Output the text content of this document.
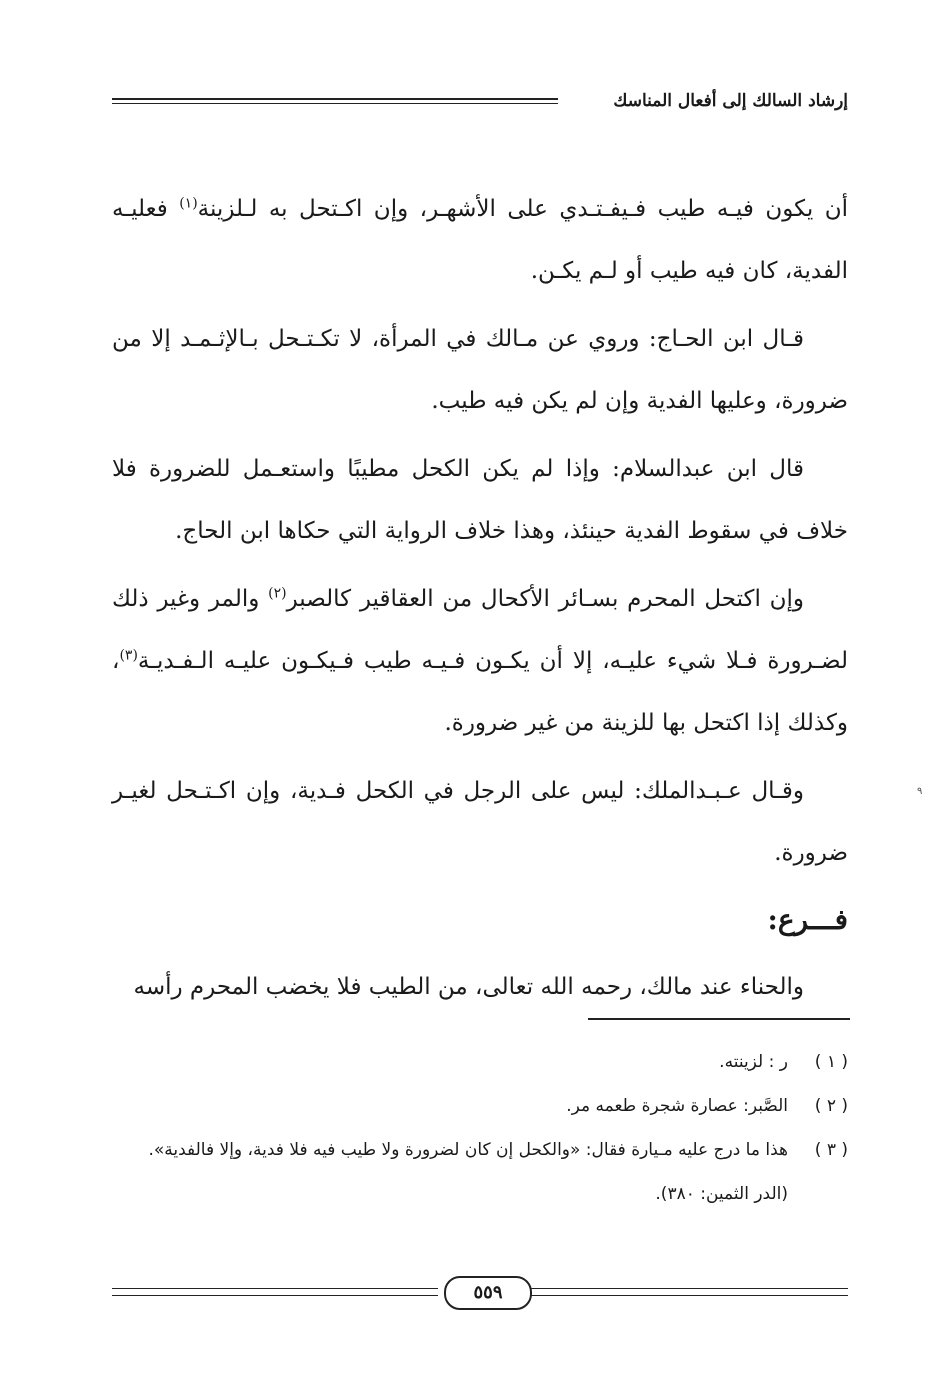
إرشاد السالك إلى أفعال المناسك

أن يكون فيـه طيب فـيفـتـدي على الأشهـر، وإن اكـتحل به لـلزينة$^{(١)}$ فعليـه الفدية، كان فيه طيب أو لـم يكـن.

قـال ابن الحـاج: وروي عن مـالك في المرأة، لا تكـتـحل بـالإثـمـد إلا من ضرورة، وعليها الفدية وإن لم يكن فيه طيب.

قال ابن عبدالسلام: وإذا لم يكن الكحل مطيبًا واستعـمل للضرورة فلا خلاف في سقوط الفدية حينئذ، وهذا خلاف الرواية التي حكاها ابن الحاج.

وإن اكتحل المحرم بسـائر الأكحال من العقاقير كالصبر$^{(٢)}$ والمر وغير ذلك لضـرورة فـلا شيء عليـه، إلا أن يكـون فـيـه طيب فـيكـون عليـه الـفـديـة$^{(٣)}$، وكذلك إذا اكتحل بها للزينة من غير ضرورة.

وقـال عـبـدالملك: ليس على الرجل في الكحل فـدية، وإن اكـتـحل لغيـر ضرورة.

فـــرع:

والحناء عند مالك، رحمه الله تعالى، من الطيب فلا يخضب المحرم رأسه

٩
( ١ )
ر : لزينته.
( ٢ )
الصَّبر: عصارة شجرة طعمه مر.
( ٣ )
هذا ما درج عليه مـيارة فقال: «والكحل إن كان لضرورة ولا طيب فيه فلا فدية، وإلا فالفدية». (الدر الثمين: ٣٨٠).
٥٥٩
